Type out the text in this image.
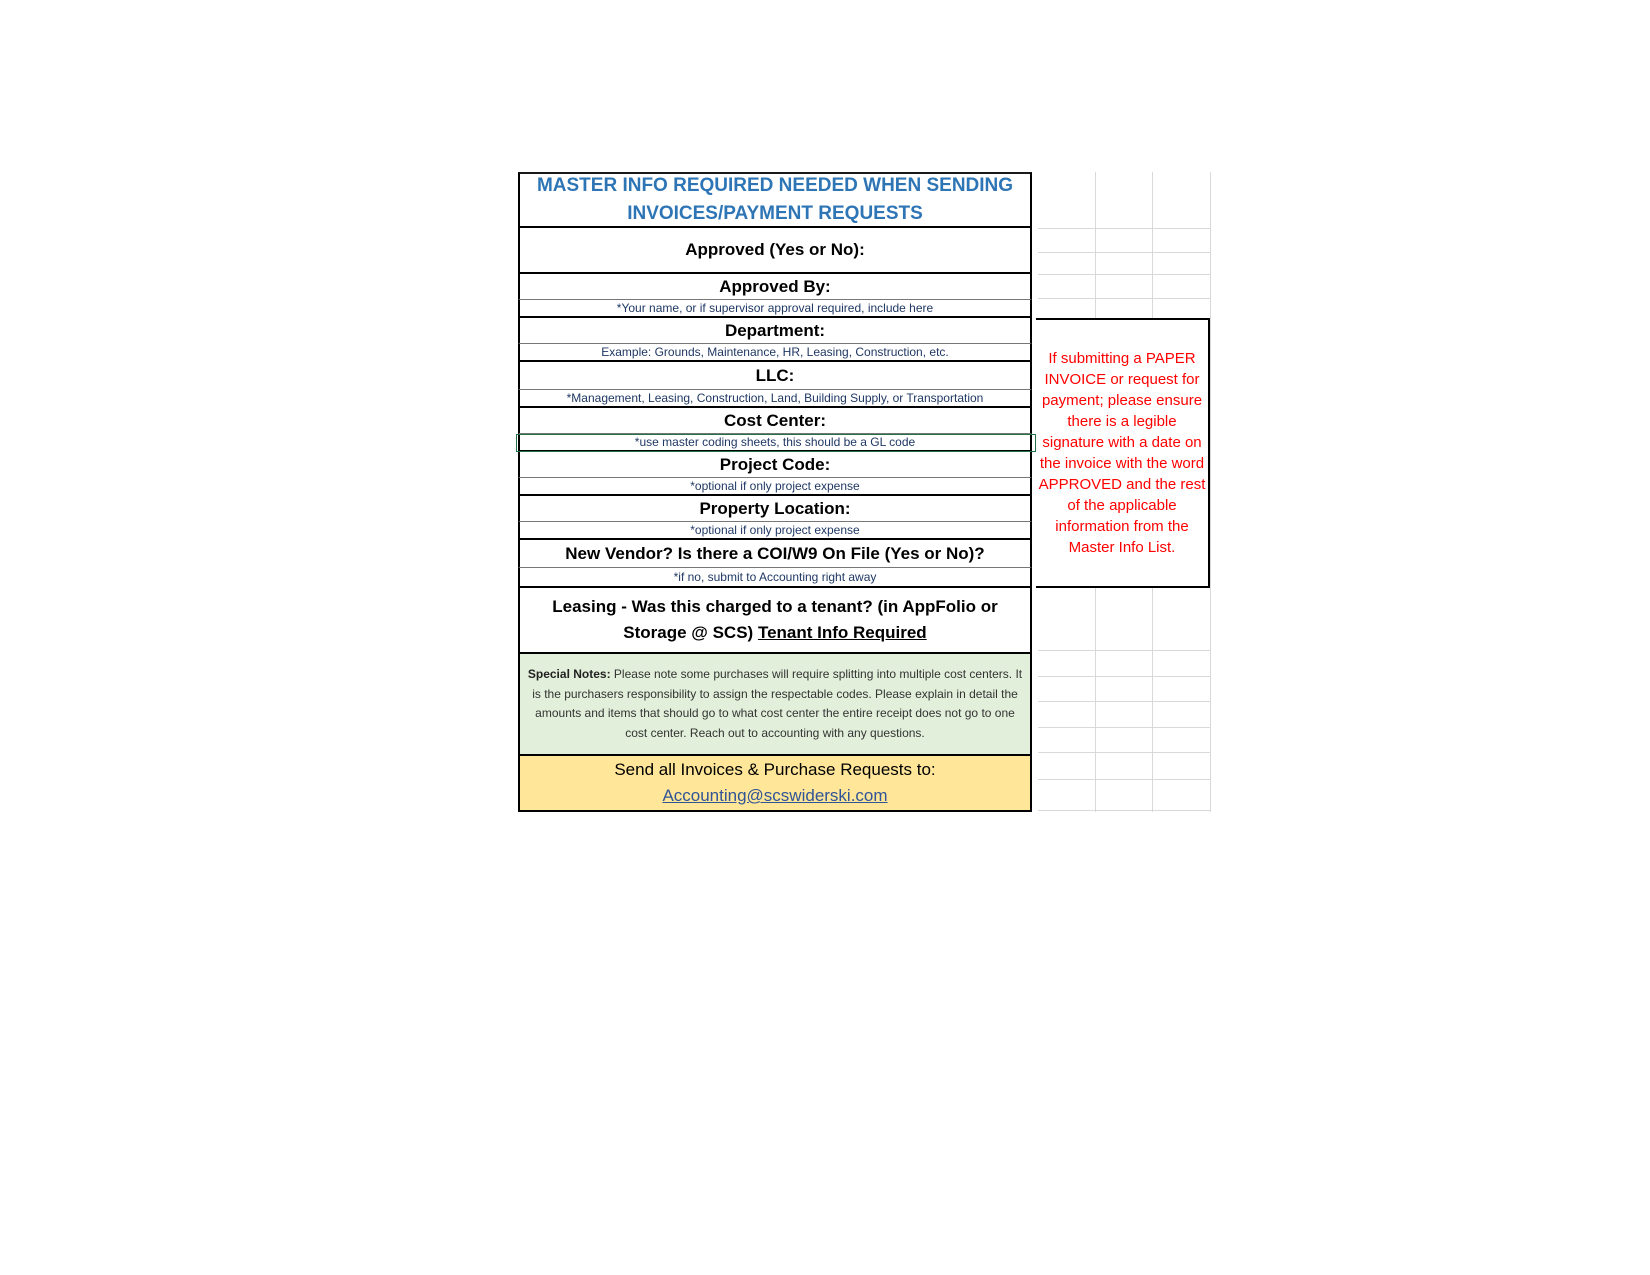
MASTER INFO REQUIRED NEEDED WHEN SENDING INVOICES/PAYMENT REQUESTS
Approved (Yes or No):
Approved By:
*Your name, or if supervisor approval required, include here
Department:
Example: Grounds, Maintenance, HR, Leasing, Construction, etc.
LLC:
*Management, Leasing, Construction, Land, Building Supply, or Transportation
Cost Center:
*use master coding sheets, this should be a GL code
Project Code:
*optional if only project expense
Property Location:
*optional if only project expense
New Vendor? Is there a COI/W9 On File (Yes or No)?
*if no, submit to Accounting right away
Leasing - Was this charged to a tenant? (in AppFolio or Storage @ SCS) Tenant Info Required
Special Notes: Please note some purchases will require splitting into multiple cost centers. It is the purchasers responsibility to assign the respectable codes. Please explain in detail the amounts and items that should go to what cost center the entire receipt does not go to one cost center. Reach out to accounting with any questions.
Send all Invoices & Purchase Requests to:
Accounting@scswiderski.com
If submitting a PAPER INVOICE or request for payment; please ensure there is a legible signature with a date on the invoice with the word APPROVED and the rest of the applicable information from the Master Info List.
